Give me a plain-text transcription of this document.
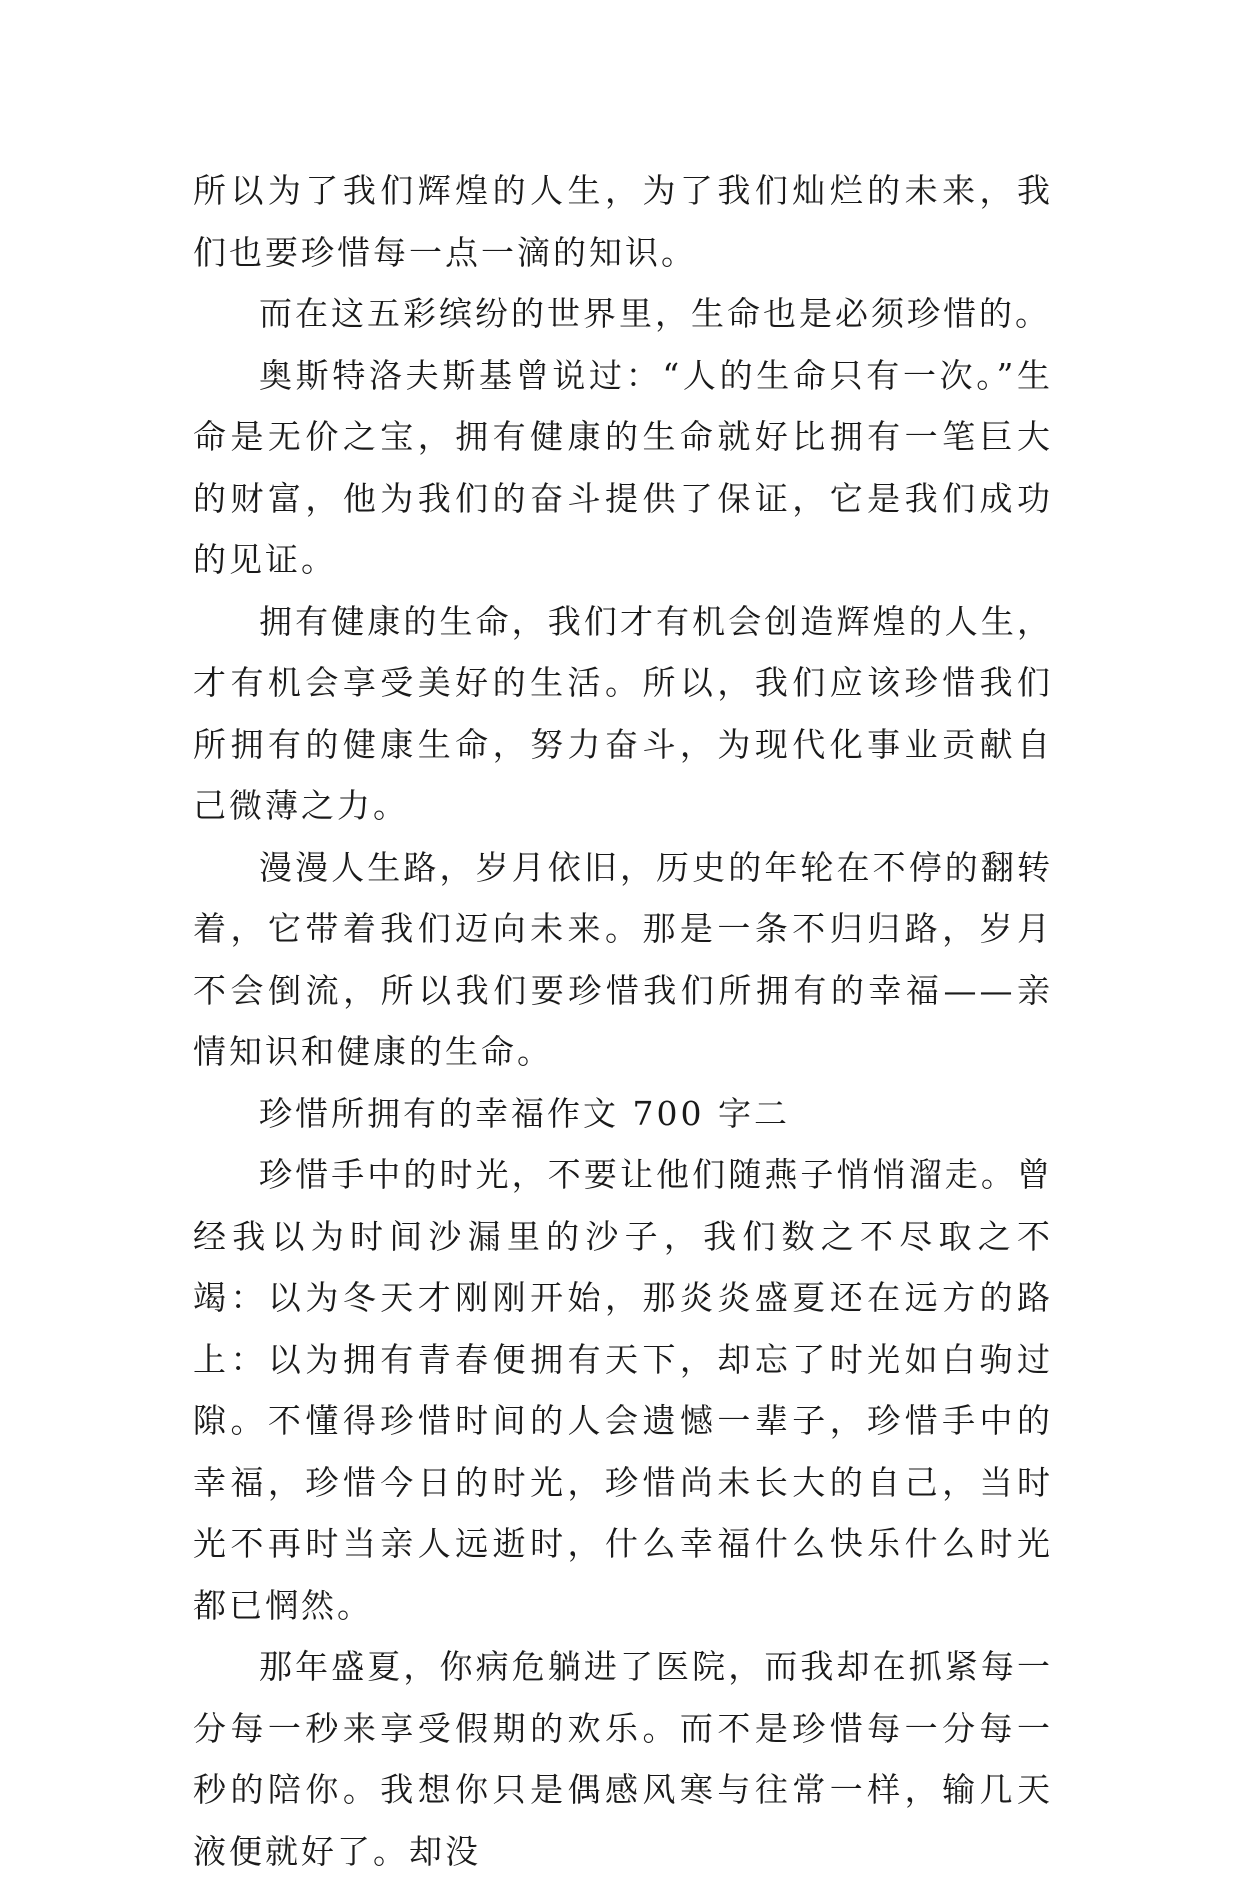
所以为了我们辉煌的人生，为了我们灿烂的未来，我们也要珍惜每一点一滴的知识。

而在这五彩缤纷的世界里，生命也是必须珍惜的。

奥斯特洛夫斯基曾说过：“人的生命只有一次。”生命是无价之宝，拥有健康的生命就好比拥有一笔巨大的财富，他为我们的奋斗提供了保证，它是我们成功的见证。

拥有健康的生命，我们才有机会创造辉煌的人生，才有机会享受美好的生活。所以，我们应该珍惜我们所拥有的健康生命，努力奋斗，为现代化事业贡献自己微薄之力。

漫漫人生路，岁月依旧，历史的年轮在不停的翻转着，它带着我们迈向未来。那是一条不归归路，岁月不会倒流，所以我们要珍惜我们所拥有的幸福——亲情知识和健康的生命。

珍惜所拥有的幸福作文 700 字二

珍惜手中的时光，不要让他们随燕子悄悄溜走。曾经我以为时间沙漏里的沙子，我们数之不尽取之不竭：以为冬天才刚刚开始，那炎炎盛夏还在远方的路上：以为拥有青春便拥有天下，却忘了时光如白驹过隙。不懂得珍惜时间的人会遗憾一辈子，珍惜手中的幸福，珍惜今日的时光，珍惜尚未长大的自己，当时光不再时当亲人远逝时，什么幸福什么快乐什么时光都已惘然。

那年盛夏，你病危躺进了医院，而我却在抓紧每一分每一秒来享受假期的欢乐。而不是珍惜每一分每一秒的陪你。我想你只是偶感风寒与往常一样，输几天液便就好了。却没
